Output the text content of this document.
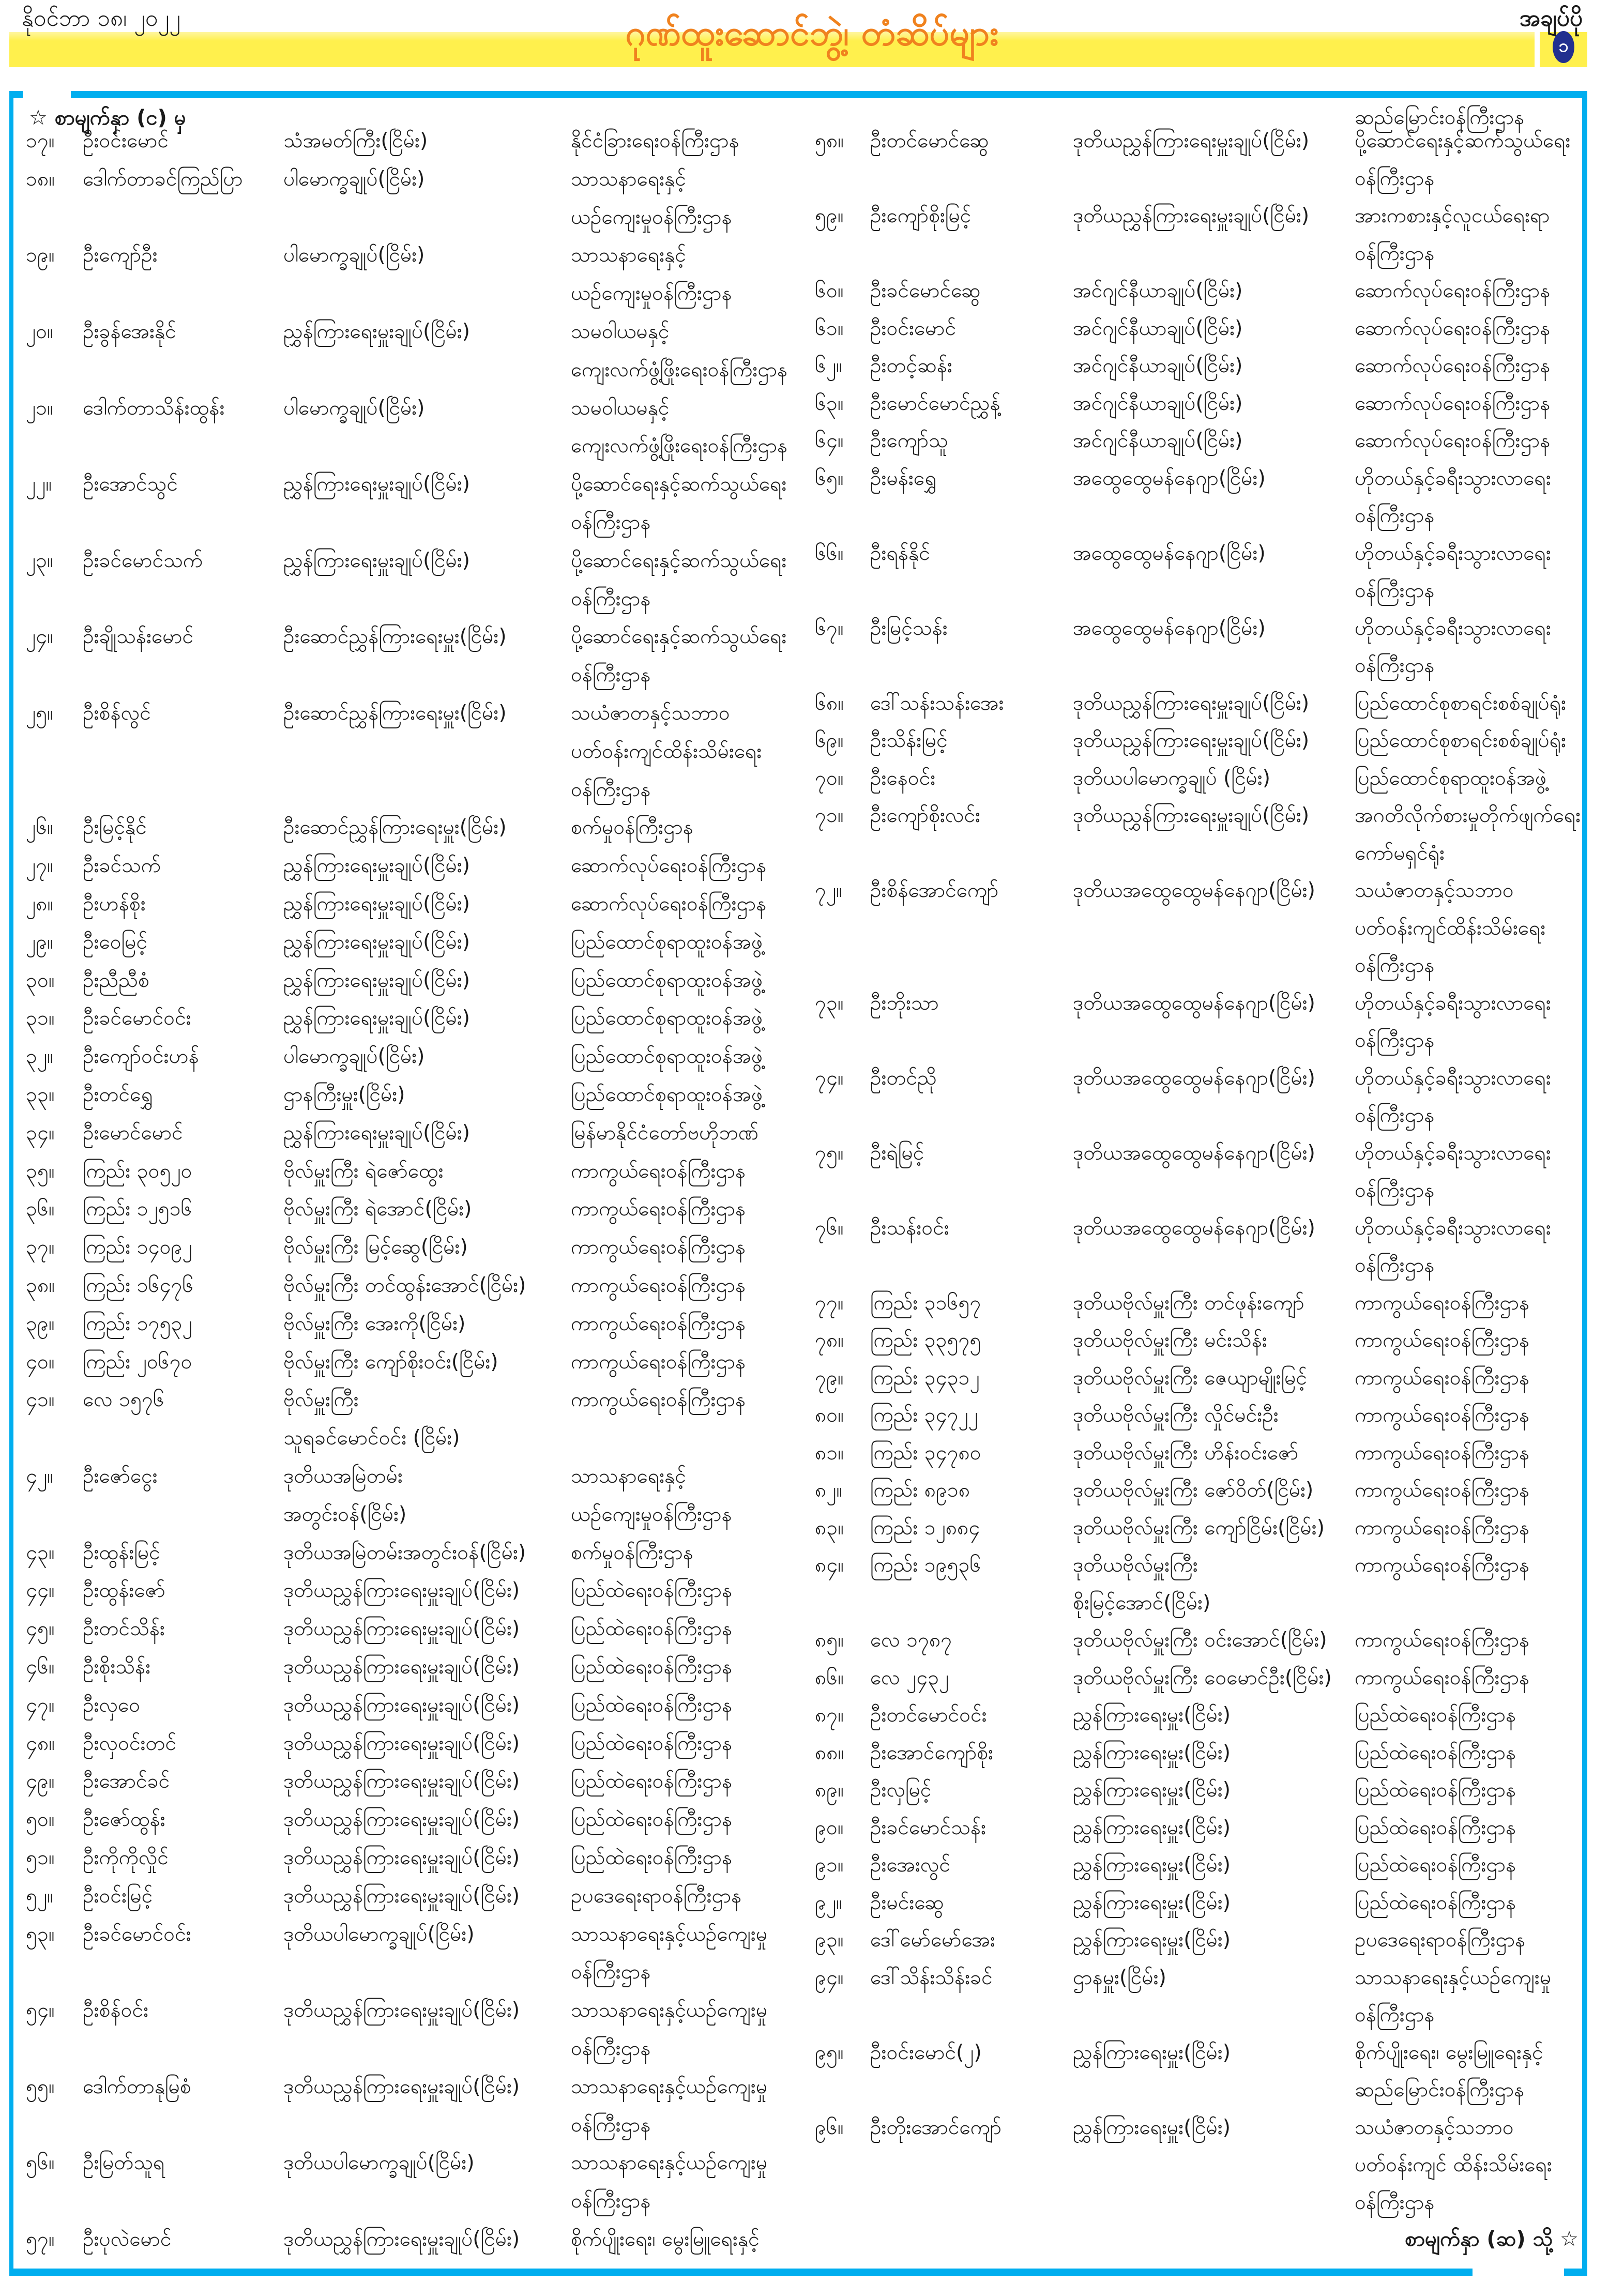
၁
နိုဝင်ဘာ ၁၈၊ ၂၀၂၂	ဂုဏ်ထူးဆောင်ဘွဲ့၊ တံဆိပ်များ	အချပ်ပို
☆ စာမျက်နှာ (င) မှ	ဆည်မြောင်းဝန်ကြီးဌာန
၁၇။ ဦးဝင်းမောင်	သံအမတ်ကြီး(ငြိမ်း)	နိုင်ငံခြားရေးဝန်ကြီးဌာန
၁၈။ ဒေါက်တာခင်ကြည်ပြာ ပါမောက္ခချုပ်(ငြိမ်း)	သာသနာရေးနှင့်
ယဉ်ကျေးမှုဝန်ကြီးဌာန
၁၉။ ဦးကျော်ဦး	ပါမောက္ခချုပ်(ငြိမ်း)	သာသနာရေးနှင့်
ယဉ်ကျေးမှုဝန်ကြီးဌာန
၂၀။ ဦးခွန်အေးနိုင်	ညွှန်ကြားရေးမှူးချုပ်(ငြိမ်း)	သမဝါယမနှင့်
ကျေးလက်ဖွံ့ဖြိုးရေးဝန်ကြီးဌာန
၂၁။ ဒေါက်တာသိန်းထွန်း	ပါမောက္ခချုပ်(ငြိမ်း)	သမဝါယမနှင့်
ကျေးလက်ဖွံ့ဖြိုးရေးဝန်ကြီးဌာန
၂၂။ ဦးအောင်သွင်	ညွှန်ကြားရေးမှူးချုပ်(ငြိမ်း)	ပို့ဆောင်ရေးနှင့်ဆက်သွယ်ရေး
ဝန်ကြီးဌာန
၂၃။ ဦးခင်မောင်သက်	ညွှန်ကြားရေးမှူးချုပ်(ငြိမ်း)	ပို့ဆောင်ရေးနှင့်ဆက်သွယ်ရေး
ဝန်ကြီးဌာန
၂၄။ ဦးချိုသန်းမောင်	ဦးဆောင်ညွှန်ကြားရေးမှူး(ငြိမ်း)	ပို့ဆောင်ရေးနှင့်ဆက်သွယ်ရေး
ဝန်ကြီးဌာန
၂၅။ ဦးစိန်လွင်	ဦးဆောင်ညွှန်ကြားရေးမှူး(ငြိမ်း)	သယံဇာတနှင့်သဘာဝ
ပတ်ဝန်းကျင်ထိန်းသိမ်းရေး
ဝန်ကြီးဌာန
၂၆။ ဦးမြင့်နိုင်	ဦးဆောင်ညွှန်ကြားရေးမှူး(ငြိမ်း)	စက်မှုဝန်ကြီးဌာန
၂၇။ ဦးခင်သက်	ညွှန်ကြားရေးမှူးချုပ်(ငြိမ်း)	ဆောက်လုပ်ရေးဝန်ကြီးဌာန
၂၈။ ဦးဟန်စိုး	ညွှန်ကြားရေးမှူးချုပ်(ငြိမ်း)	ဆောက်လုပ်ရေးဝန်ကြီးဌာန
၂၉။ ဦးဝေမြင့်	ညွှန်ကြားရေးမှူးချုပ်(ငြိမ်း)	ပြည်ထောင်စုရာထူးဝန်အဖွဲ့
၃၀။ ဦးညီညီစံ	ညွှန်ကြားရေးမှူးချုပ်(ငြိမ်း)	ပြည်ထောင်စုရာထူးဝန်အဖွဲ့
၃၁။ ဦးခင်မောင်ဝင်း	ညွှန်ကြားရေးမှူးချုပ်(ငြိမ်း)	ပြည်ထောင်စုရာထူးဝန်အဖွဲ့
၃၂။ ဦးကျော်ဝင်းဟန်	ပါမောက္ခချုပ်(ငြိမ်း)	ပြည်ထောင်စုရာထူးဝန်အဖွဲ့
၃၃။ ဦးတင်ရွှေ	ဌာနကြီးမှူး(ငြိမ်း)	ပြည်ထောင်စုရာထူးဝန်အဖွဲ့
၃၄။ ဦးမောင်မောင်	ညွှန်ကြားရေးမှူးချုပ်(ငြိမ်း)	မြန်မာနိုင်ငံတော်ဗဟိုဘဏ်
၃၅။ ကြည်း ၃၀၅၂၀	ဗိုလ်မှူးကြီး ရဲဇော်ထွေး	ကာကွယ်ရေးဝန်ကြီးဌာန
၃၆။ ကြည်း ၁၂၅၁၆	ဗိုလ်မှူးကြီး ရဲအောင်(ငြိမ်း)	ကာကွယ်ရေးဝန်ကြီးဌာန
၃၇။ ကြည်း ၁၄၀၉၂	ဗိုလ်မှူးကြီး မြင့်ဆွေ(ငြိမ်း)	ကာကွယ်ရေးဝန်ကြီးဌာန
၃၈။ ကြည်း ၁၆၄၇၆	ဗိုလ်မှူးကြီး တင်ထွန်းအောင်(ငြိမ်း) ကာကွယ်ရေးဝန်ကြီးဌာန
၃၉။ ကြည်း ၁၇၅၃၂	ဗိုလ်မှူးကြီး အေးကို(ငြိမ်း)	ကာကွယ်ရေးဝန်ကြီးဌာန
၄၀။ ကြည်း ၂၀၆၇၀	ဗိုလ်မှူးကြီး ကျော်စိုးဝင်း(ငြိမ်း)	ကာကွယ်ရေးဝန်ကြီးဌာန
၄၁။ လေ ၁၅၇၆	ဗိုလ်မှူးကြီး
သူရခင်မောင်ဝင်း (ငြိမ်း)
ကာကွယ်ရေးဝန်ကြီးဌာန
၄၂။ ဦးဇော်ငွေး	ဒုတိယအမြဲတမ်း
အတွင်းဝန်(ငြိမ်း)
သာသနာရေးနှင့်
ယဉ်ကျေးမှုဝန်ကြီးဌာန
၄၃။ ဦးထွန်းမြင့်	ဒုတိယအမြဲတမ်းအတွင်းဝန်(ငြိမ်း) စက်မှုဝန်ကြီးဌာန
၄၄။ ဦးထွန်းဇော်	ဒုတိယညွှန်ကြားရေးမှူးချုပ်(ငြိမ်း)	ပြည်ထဲရေးဝန်ကြီးဌာန
၄၅။ ဦးတင်သိန်း	ဒုတိယညွှန်ကြားရေးမှူးချုပ်(ငြိမ်း)	ပြည်ထဲရေးဝန်ကြီးဌာန
၄၆။ ဦးစိုးသိန်း	ဒုတိယညွှန်ကြားရေးမှူးချုပ်(ငြိမ်း)	ပြည်ထဲရေးဝန်ကြီးဌာန
၄၇။ ဦးလှဝေ	ဒုတိယညွှန်ကြားရေးမှူးချုပ်(ငြိမ်း)	ပြည်ထဲရေးဝန်ကြီးဌာန
၄၈။ ဦးလှဝင်းတင်	ဒုတိယညွှန်ကြားရေးမှူးချုပ်(ငြိမ်း)	ပြည်ထဲရေးဝန်ကြီးဌာန
၄၉။ ဦးအောင်ခင်	ဒုတိယညွှန်ကြားရေးမှူးချုပ်(ငြိမ်း)	ပြည်ထဲရေးဝန်ကြီးဌာန
၅၀။ ဦးဇော်ထွန်း	ဒုတိယညွှန်ကြားရေးမှူးချုပ်(ငြိမ်း)	ပြည်ထဲရေးဝန်ကြီးဌာန
၅၁။ ဦးကိုကိုလှိုင်	ဒုတိယညွှန်ကြားရေးမှူးချုပ်(ငြိမ်း)	ပြည်ထဲရေးဝန်ကြီးဌာန
၅၂။ ဦးဝင်းမြင့်	ဒုတိယညွှန်ကြားရေးမှူးချုပ်(ငြိမ်း)	ဥပဒေရေးရာဝန်ကြီးဌာန
၅၃။ ဦးခင်မောင်ဝင်း	ဒုတိယပါမောက္ခချုပ်(ငြိမ်း)	သာသနာရေးနှင့်ယဉ်ကျေးမှု
ဝန်ကြီးဌာန
၅၄။ ဦးစိန်ဝင်း	ဒုတိယညွှန်ကြားရေးမှူးချုပ်(ငြိမ်း)	သာသနာရေးနှင့်ယဉ်ကျေးမှု
ဝန်ကြီးဌာန
၅၅။ ဒေါက်တာနုမြစံ	ဒုတိယညွှန်ကြားရေးမှူးချုပ်(ငြိမ်း)	သာသနာရေးနှင့်ယဉ်ကျေးမှု
ဝန်ကြီးဌာန
၅၆။ ဦးမြတ်သူရ	ဒုတိယပါမောက္ခချုပ်(ငြိမ်း)	သာသနာရေးနှင့်ယဉ်ကျေးမှု
ဝန်ကြီးဌာန
၅၇။ ဦးပုလဲမောင်	ဒုတိယညွှန်ကြားရေးမှူးချုပ်(ငြိမ်း)	စိုက်ပျိုးရေး၊ မွေးမြူရေးနှင့်
၅၈။ ဦးတင်မောင်ဆွေ	ဒုတိယညွှန်ကြားရေးမှူးချုပ်(ငြိမ်း) ပို့ဆောင်ရေးနှင့်ဆက်သွယ်ရေး
ဝန်ကြီးဌာန
၅၉။ ဦးကျော်စိုးမြင့်	ဒုတိယညွှန်ကြားရေးမှူးချုပ်(ငြိမ်း) အားကစားနှင့်လူငယ်ရေးရာ
ဝန်ကြီးဌာန
၆၀။ ဦးခင်မောင်ဆွေ	အင်ဂျင်နီယာချုပ်(ငြိမ်း)	ဆောက်လုပ်ရေးဝန်ကြီးဌာန
၆၁။ ဦးဝင်းမောင်	အင်ဂျင်နီယာချုပ်(ငြိမ်း)	ဆောက်လုပ်ရေးဝန်ကြီးဌာန
၆၂။ ဦးတင့်ဆန်း	အင်ဂျင်နီယာချုပ်(ငြိမ်း)	ဆောက်လုပ်ရေးဝန်ကြီးဌာန
၆၃။ ဦးမောင်မောင်ညွှန့်	အင်ဂျင်နီယာချုပ်(ငြိမ်း)	ဆောက်လုပ်ရေးဝန်ကြီးဌာန
၆၄။ ဦးကျော်သူ	အင်ဂျင်နီယာချုပ်(ငြိမ်း)	ဆောက်လုပ်ရေးဝန်ကြီးဌာန
၆၅။ ဦးမန်းရွှေ	အထွေထွေမန်နေဂျာ(ငြိမ်း)	ဟိုတယ်နှင့်ခရီးသွားလာရေး
ဝန်ကြီးဌာန
၆၆။ ဦးရန်နိုင်	အထွေထွေမန်နေဂျာ(ငြိမ်း)	ဟိုတယ်နှင့်ခရီးသွားလာရေး
ဝန်ကြီးဌာန
၆၇။ ဦးမြင့်သန်း	အထွေထွေမန်နေဂျာ(ငြိမ်း)	ဟိုတယ်နှင့်ခရီးသွားလာရေး
ဝန်ကြီးဌာန
၆၈။ ဒေါ်သန်းသန်းအေး	ဒုတိယညွှန်ကြားရေးမှူးချုပ်(ငြိမ်း) ပြည်ထောင်စုစာရင်းစစ်ချုပ်ရုံး
၆၉။ ဦးသိန်းမြင့်	ဒုတိယညွှန်ကြားရေးမှူးချုပ်(ငြိမ်း) ပြည်ထောင်စုစာရင်းစစ်ချုပ်ရုံး
၇၀။ ဦးနေဝင်း	ဒုတိယပါမောက္ခချုပ် (ငြိမ်း)	ပြည်ထောင်စုရာထူးဝန်အဖွဲ့
၇၁။ ဦးကျော်စိုးလင်း	ဒုတိယညွှန်ကြားရေးမှူးချုပ်(ငြိမ်း) အဂတိလိုက်စားမှုတိုက်ဖျက်ရေး
ကော်မရှင်ရုံး
၇၂။ ဦးစိန်အောင်ကျော်	ဒုတိယအထွေထွေမန်နေဂျာ(ငြိမ်း) သယံဇာတနှင့်သဘာဝ
ပတ်ဝန်းကျင်ထိန်းသိမ်းရေး
ဝန်ကြီးဌာန
၇၃။ ဦးဘိုးသာ	ဒုတိယအထွေထွေမန်နေဂျာ(ငြိမ်း) ဟိုတယ်နှင့်ခရီးသွားလာရေး
ဝန်ကြီးဌာန
၇၄။ ဦးတင်ညို	ဒုတိယအထွေထွေမန်နေဂျာ(ငြိမ်း) ဟိုတယ်နှင့်ခရီးသွားလာရေး
ဝန်ကြီးဌာန
၇၅။ ဦးရဲမြင့်	ဒုတိယအထွေထွေမန်နေဂျာ(ငြိမ်း) ဟိုတယ်နှင့်ခရီးသွားလာရေး
ဝန်ကြီးဌာန
၇၆။ ဦးသန်းဝင်း	ဒုတိယအထွေထွေမန်နေဂျာ(ငြိမ်း) ဟိုတယ်နှင့်ခရီးသွားလာရေး
ဝန်ကြီးဌာန
၇၇။ ကြည်း ၃၁၆၅၇	ဒုတိယဗိုလ်မှူးကြီး တင်ဖုန်းကျော် ကာကွယ်ရေးဝန်ကြီးဌာန
၇၈။ ကြည်း ၃၃၅၇၅	ဒုတိယဗိုလ်မှူးကြီး မင်းသိန်း	ကာကွယ်ရေးဝန်ကြီးဌာန
၇၉။ ကြည်း ၃၄၃၁၂	ဒုတိယဗိုလ်မှူးကြီး ဇေယျာမျိုးမြင့် ကာကွယ်ရေးဝန်ကြီးဌာန
၈၀။ ကြည်း ၃၄၇၂၂	ဒုတိယဗိုလ်မှူးကြီး လှိုင်မင်းဦး	ကာကွယ်ရေးဝန်ကြီးဌာန
၈၁။ ကြည်း ၃၄၇၈၀	ဒုတိယဗိုလ်မှူးကြီး ဟိန်းဝင်းဇော်	ကာကွယ်ရေးဝန်ကြီးဌာန
၈၂။ ကြည်း ၈၉၁၈	ဒုတိယဗိုလ်မှူးကြီး ဇော်ဝိတ်(ငြိမ်း) ကာကွယ်ရေးဝန်ကြီးဌာန
၈၃။ ကြည်း ၁၂၈၈၄	ဒုတိယဗိုလ်မှူးကြီး ကျော်ငြိမ်း(ငြိမ်း) ကာကွယ်ရေးဝန်ကြီးဌာန
၈၄။ ကြည်း ၁၉၅၃၆	ဒုတိယဗိုလ်မှူးကြီး
စိုးမြင့်အောင်(ငြိမ်း)
ကာကွယ်ရေးဝန်ကြီးဌာန
၈၅။ လေ ၁၇၈၇	ဒုတိယဗိုလ်မှူးကြီး ဝင်းအောင်(ငြိမ်း) ကာကွယ်ရေးဝန်ကြီးဌာန
၈၆။ လေ ၂၄၃၂	ဒုတိယဗိုလ်မှူးကြီး ဝေမောင်ဦး(ငြိမ်း) ကာကွယ်ရေးဝန်ကြီးဌာန
၈၇။ ဦးတင်မောင်ဝင်း	ညွှန်ကြားရေးမှူး(ငြိမ်း)	ပြည်ထဲရေးဝန်ကြီးဌာန
၈၈။ ဦးအောင်ကျော်စိုး	ညွှန်ကြားရေးမှူး(ငြိမ်း)	ပြည်ထဲရေးဝန်ကြီးဌာန
၈၉။ ဦးလှမြင့်	ညွှန်ကြားရေးမှူး(ငြိမ်း)	ပြည်ထဲရေးဝန်ကြီးဌာန
၉၀။ ဦးခင်မောင်သန်း	ညွှန်ကြားရေးမှူး(ငြိမ်း)	ပြည်ထဲရေးဝန်ကြီးဌာန
၉၁။ ဦးအေးလွင်	ညွှန်ကြားရေးမှူး(ငြိမ်း)	ပြည်ထဲရေးဝန်ကြီးဌာန
၉၂။ ဦးမင်းဆွေ	ညွှန်ကြားရေးမှူး(ငြိမ်း)	ပြည်ထဲရေးဝန်ကြီးဌာန
၉၃။ ဒေါ်မော်မော်အေး	ညွှန်ကြားရေးမှူး(ငြိမ်း)	ဥပဒေရေးရာဝန်ကြီးဌာန
၉၄။ ဒေါ်သိန်းသိန်းခင်	ဌာနမှူး(ငြိမ်း)	သာသနာရေးနှင့်ယဉ်ကျေးမှု
ဝန်ကြီးဌာန
၉၅။ ဦးဝင်းမောင်(၂)	ညွှန်ကြားရေးမှူး(ငြိမ်း)	စိုက်ပျိုးရေး၊ မွေးမြူရေးနှင့်
ဆည်မြောင်းဝန်ကြီးဌာန
၉၆။ ဦးတိုးအောင်ကျော်	ညွှန်ကြားရေးမှူး(ငြိမ်း)	သယံဇာတနှင့်သဘာဝ
ပတ်ဝန်းကျင် ထိန်းသိမ်းရေး
ဝန်ကြီးဌာန
စာမျက်နှာ (ဆ) သို့ ☆
